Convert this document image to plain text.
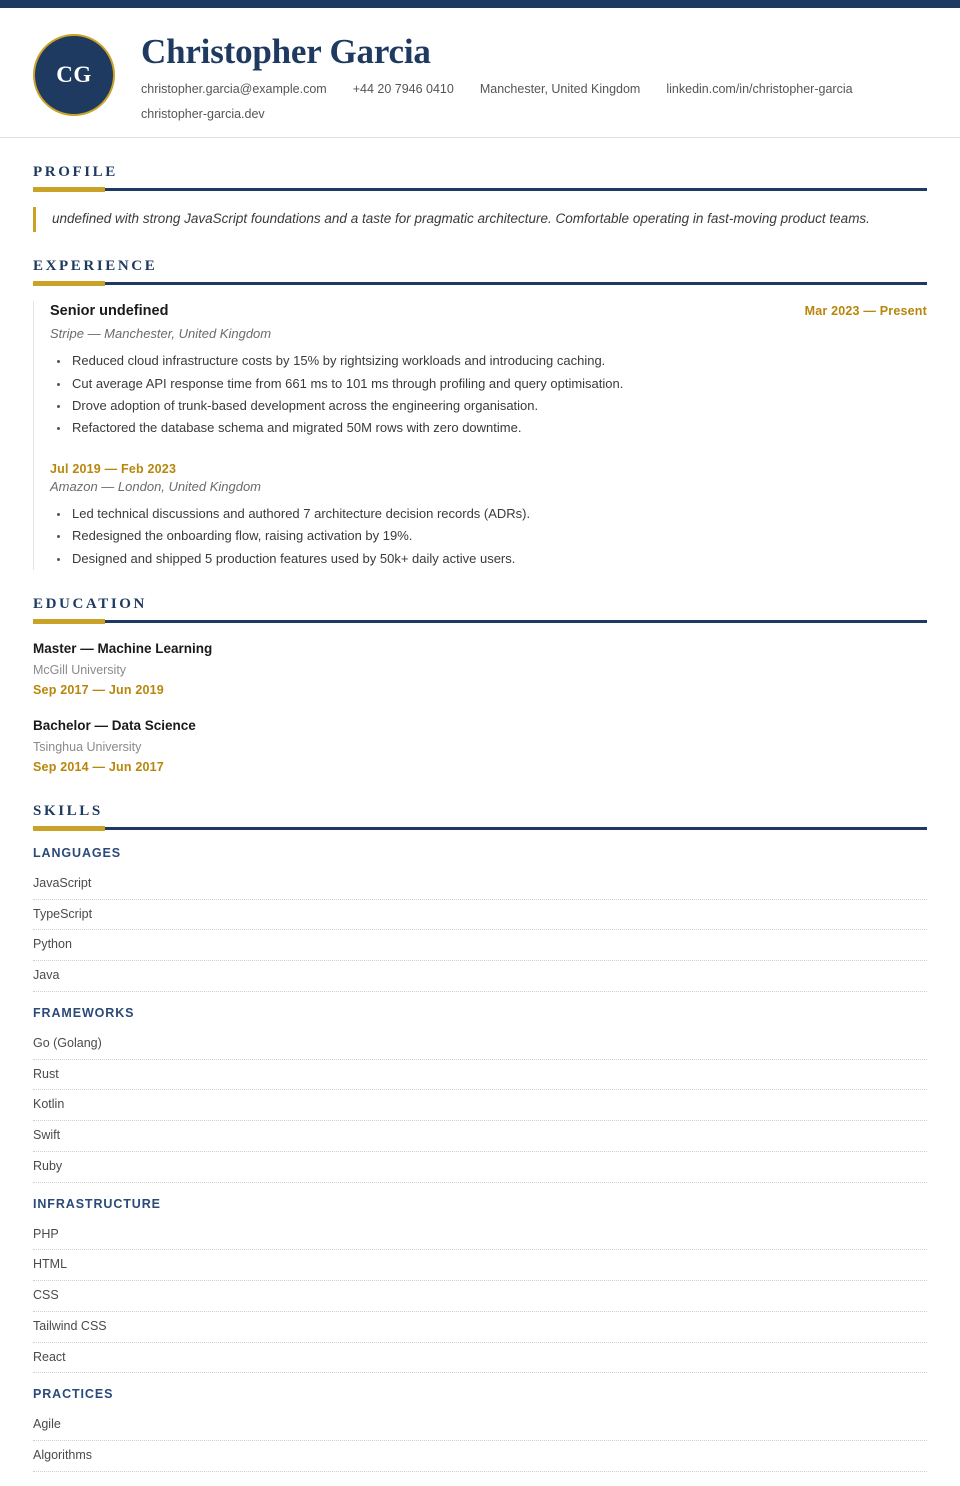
CG
Christopher Garcia
christopher.garcia@example.com +44 20 7946 0410 Manchester, United Kingdom linkedin.com/in/christopher-garcia
christopher-garcia.dev
PROFILE
undefined with strong JavaScript foundations and a taste for pragmatic architecture. Comfortable operating in fast-moving product teams.
EXPERIENCE
Senior undefined	Mar 2023 — Present
Stripe — Manchester, United Kingdom
Reduced cloud infrastructure costs by 15% by rightsizing workloads and introducing caching.
Cut average API response time from 661 ms to 101 ms through profiling and query optimisation.
Drove adoption of trunk-based development across the engineering organisation.
Refactored the database schema and migrated 50M rows with zero downtime.
Jul 2019 — Feb 2023
Amazon — London, United Kingdom
Led technical discussions and authored 7 architecture decision records (ADRs).
Redesigned the onboarding flow, raising activation by 19%.
Designed and shipped 5 production features used by 50k+ daily active users.
EDUCATION
Master — Machine Learning
McGill University
Sep 2017 — Jun 2019
Bachelor — Data Science
Tsinghua University
Sep 2014 — Jun 2017
SKILLS
LANGUAGES
JavaScript
TypeScript
Python
Java
FRAMEWORKS
Go (Golang)
Rust
Kotlin
Swift
Ruby
INFRASTRUCTURE
PHP
HTML
CSS
Tailwind CSS
React
PRACTICES
Agile
Algorithms
